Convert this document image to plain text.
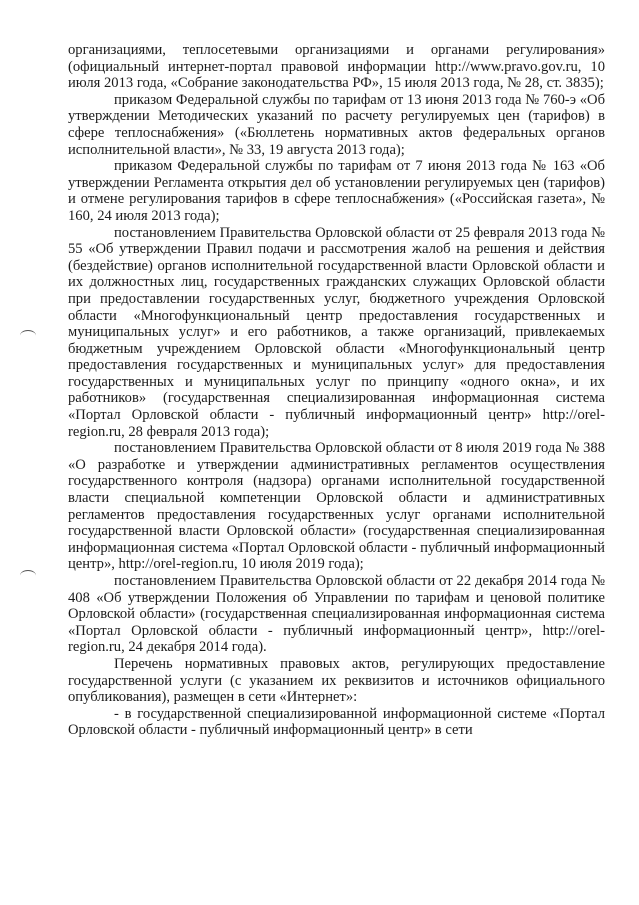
организациями, теплосетевыми организациями и органами регулирования» (официальный интернет-портал правовой информации http://www.pravo.gov.ru, 10 июля 2013 года, «Собрание законодательства РФ», 15 июля 2013 года, № 28, ст. 3835);

приказом Федеральной службы по тарифам от 13 июня 2013 года № 760-э «Об утверждении Методических указаний по расчету регулируемых цен (тарифов) в сфере теплоснабжения» («Бюллетень нормативных актов федеральных органов исполнительной власти», № 33, 19 августа 2013 года);

приказом Федеральной службы по тарифам от 7 июня 2013 года № 163 «Об утверждении Регламента открытия дел об установлении регулируемых цен (тарифов) и отмене регулирования тарифов в сфере теплоснабжения» («Российская газета», № 160, 24 июля 2013 года);

постановлением Правительства Орловской области от 25 февраля 2013 года № 55 «Об утверждении Правил подачи и рассмотрения жалоб на решения и действия (бездействие) органов исполнительной государственной власти Орловской области и их должностных лиц, государственных гражданских служащих Орловской области при предоставлении государственных услуг, бюджетного учреждения Орловской области «Многофункциональный центр предоставления государственных и муниципальных услуг» и его работников, а также организаций, привлекаемых бюджетным учреждением Орловской области «Многофункциональный центр предоставления государственных и муниципальных услуг» для предоставления государственных и муниципальных услуг по принципу «одного окна», и их работников» (государственная специализированная информационная система «Портал Орловской области - публичный информационный центр» http://orel-region.ru, 28 февраля 2013 года);

постановлением Правительства Орловской области от 8 июля 2019 года № 388 «О разработке и утверждении административных регламентов осуществления государственного контроля (надзора) органами исполнительной государственной власти специальной компетенции Орловской области и административных регламентов предоставления государственных услуг органами исполнительной государственной власти Орловской области» (государственная специализированная информационная система «Портал Орловской области - публичный информационный центр», http://orel-region.ru, 10 июля 2019 года);

постановлением Правительства Орловской области от 22 декабря 2014 года № 408 «Об утверждении Положения об Управлении по тарифам и ценовой политике Орловской области» (государственная специализированная информационная система «Портал Орловской области - публичный информационный центр», http://orel-region.ru, 24 декабря 2014 года).

Перечень нормативных правовых актов, регулирующих предоставление государственной услуги (с указанием их реквизитов и источников официального опубликования), размещен в сети «Интернет»:

- в государственной специализированной информационной системе «Портал Орловской области - публичный информационный центр» в сети
